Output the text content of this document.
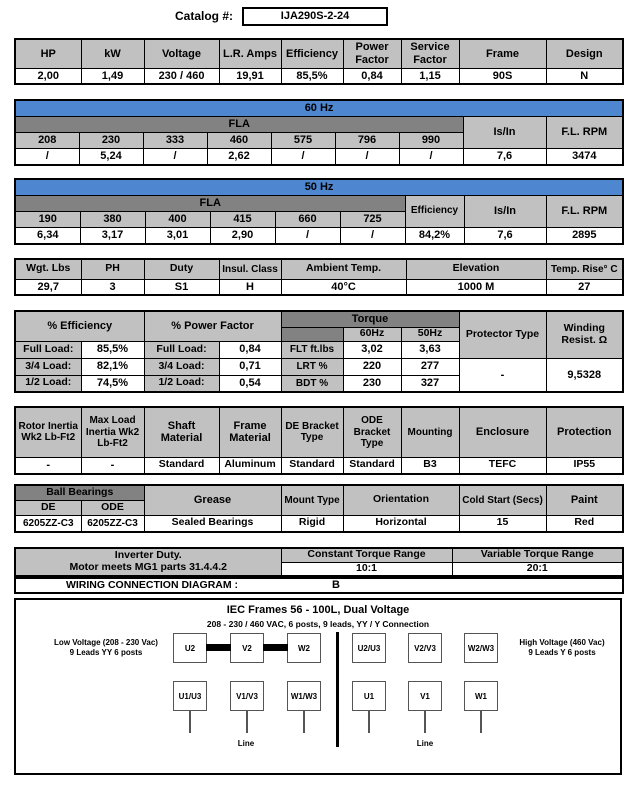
Catalog #:	IJA290S-2-24
HP	kW	Voltage	L.R. Amps	Efficiency	Power Factor	Service Factor	Frame	Design
2,00	1,49	230 / 460	19,91	85,5%	0,84	1,15	90S	N
60 Hz								
FLA							Is/In	F.L. RPM
208	230	333	460	575	796	990		
/	5,24	/	2,62	/	/	/	7,6	3474
50 Hz								
FLA						Efficiency	Is/In	F.L. RPM
190	380	400	415	660	725			
6,34	3,17	3,01	2,90	/	/	84,2%	7,6	2895
Wgt. Lbs	PH	Duty	Insul. Class	Ambient Temp.	Elevation	Temp. Rise° C
29,7	3	S1	H	40°C	1000 M	27
% Efficiency		% Power Factor		Torque			Protector Type	Winding Resist. Ω
					60Hz	50Hz		
Full Load:	85,5%	Full Load:	0,84	FLT ft.lbs	3,02	3,63		
3/4 Load:	82,1%	3/4 Load:	0,71	LRT %	220	277	-	9,5328
1/2 Load:	74,5%	1/2 Load:	0,54	BDT %	230	327		
Rotor Inertia Wk2 Lb-Ft2	Max Load Inertia Wk2 Lb-Ft2	Shaft Material	Frame Material	DE Bracket Type	ODE Bracket Type	Mounting	Enclosure	Protection
-	-	Standard	Aluminum	Standard	Standard	B3	TEFC	IP55
Ball Bearings		Grease	Mount Type	Orientation	Cold Start (Secs)	Paint
DE	ODE					
6205ZZ-C3	6205ZZ-C3	Sealed Bearings	Rigid	Horizontal	15	Red
Inverter Duty.
Motor meets MG1 parts 31.4.4.2	Constant Torque Range	Variable Torque Range
	10:1	20:1
WIRING CONNECTION DIAGRAM :	B
IEC Frames 56 - 100L, Dual Voltage
208 - 230 / 460 VAC, 6 posts, 9 leads, YY / Y Connection
Low Voltage (208 - 230 Vac)
9 Leads YY 6 posts
High Voltage (460 Vac)
9 Leads Y 6 posts
U2	V2	W2	U2/U3	V2/V3	W2/W3
U1/U3	V1/V3	W1/W3	U1	V1	W1
Line	Line
